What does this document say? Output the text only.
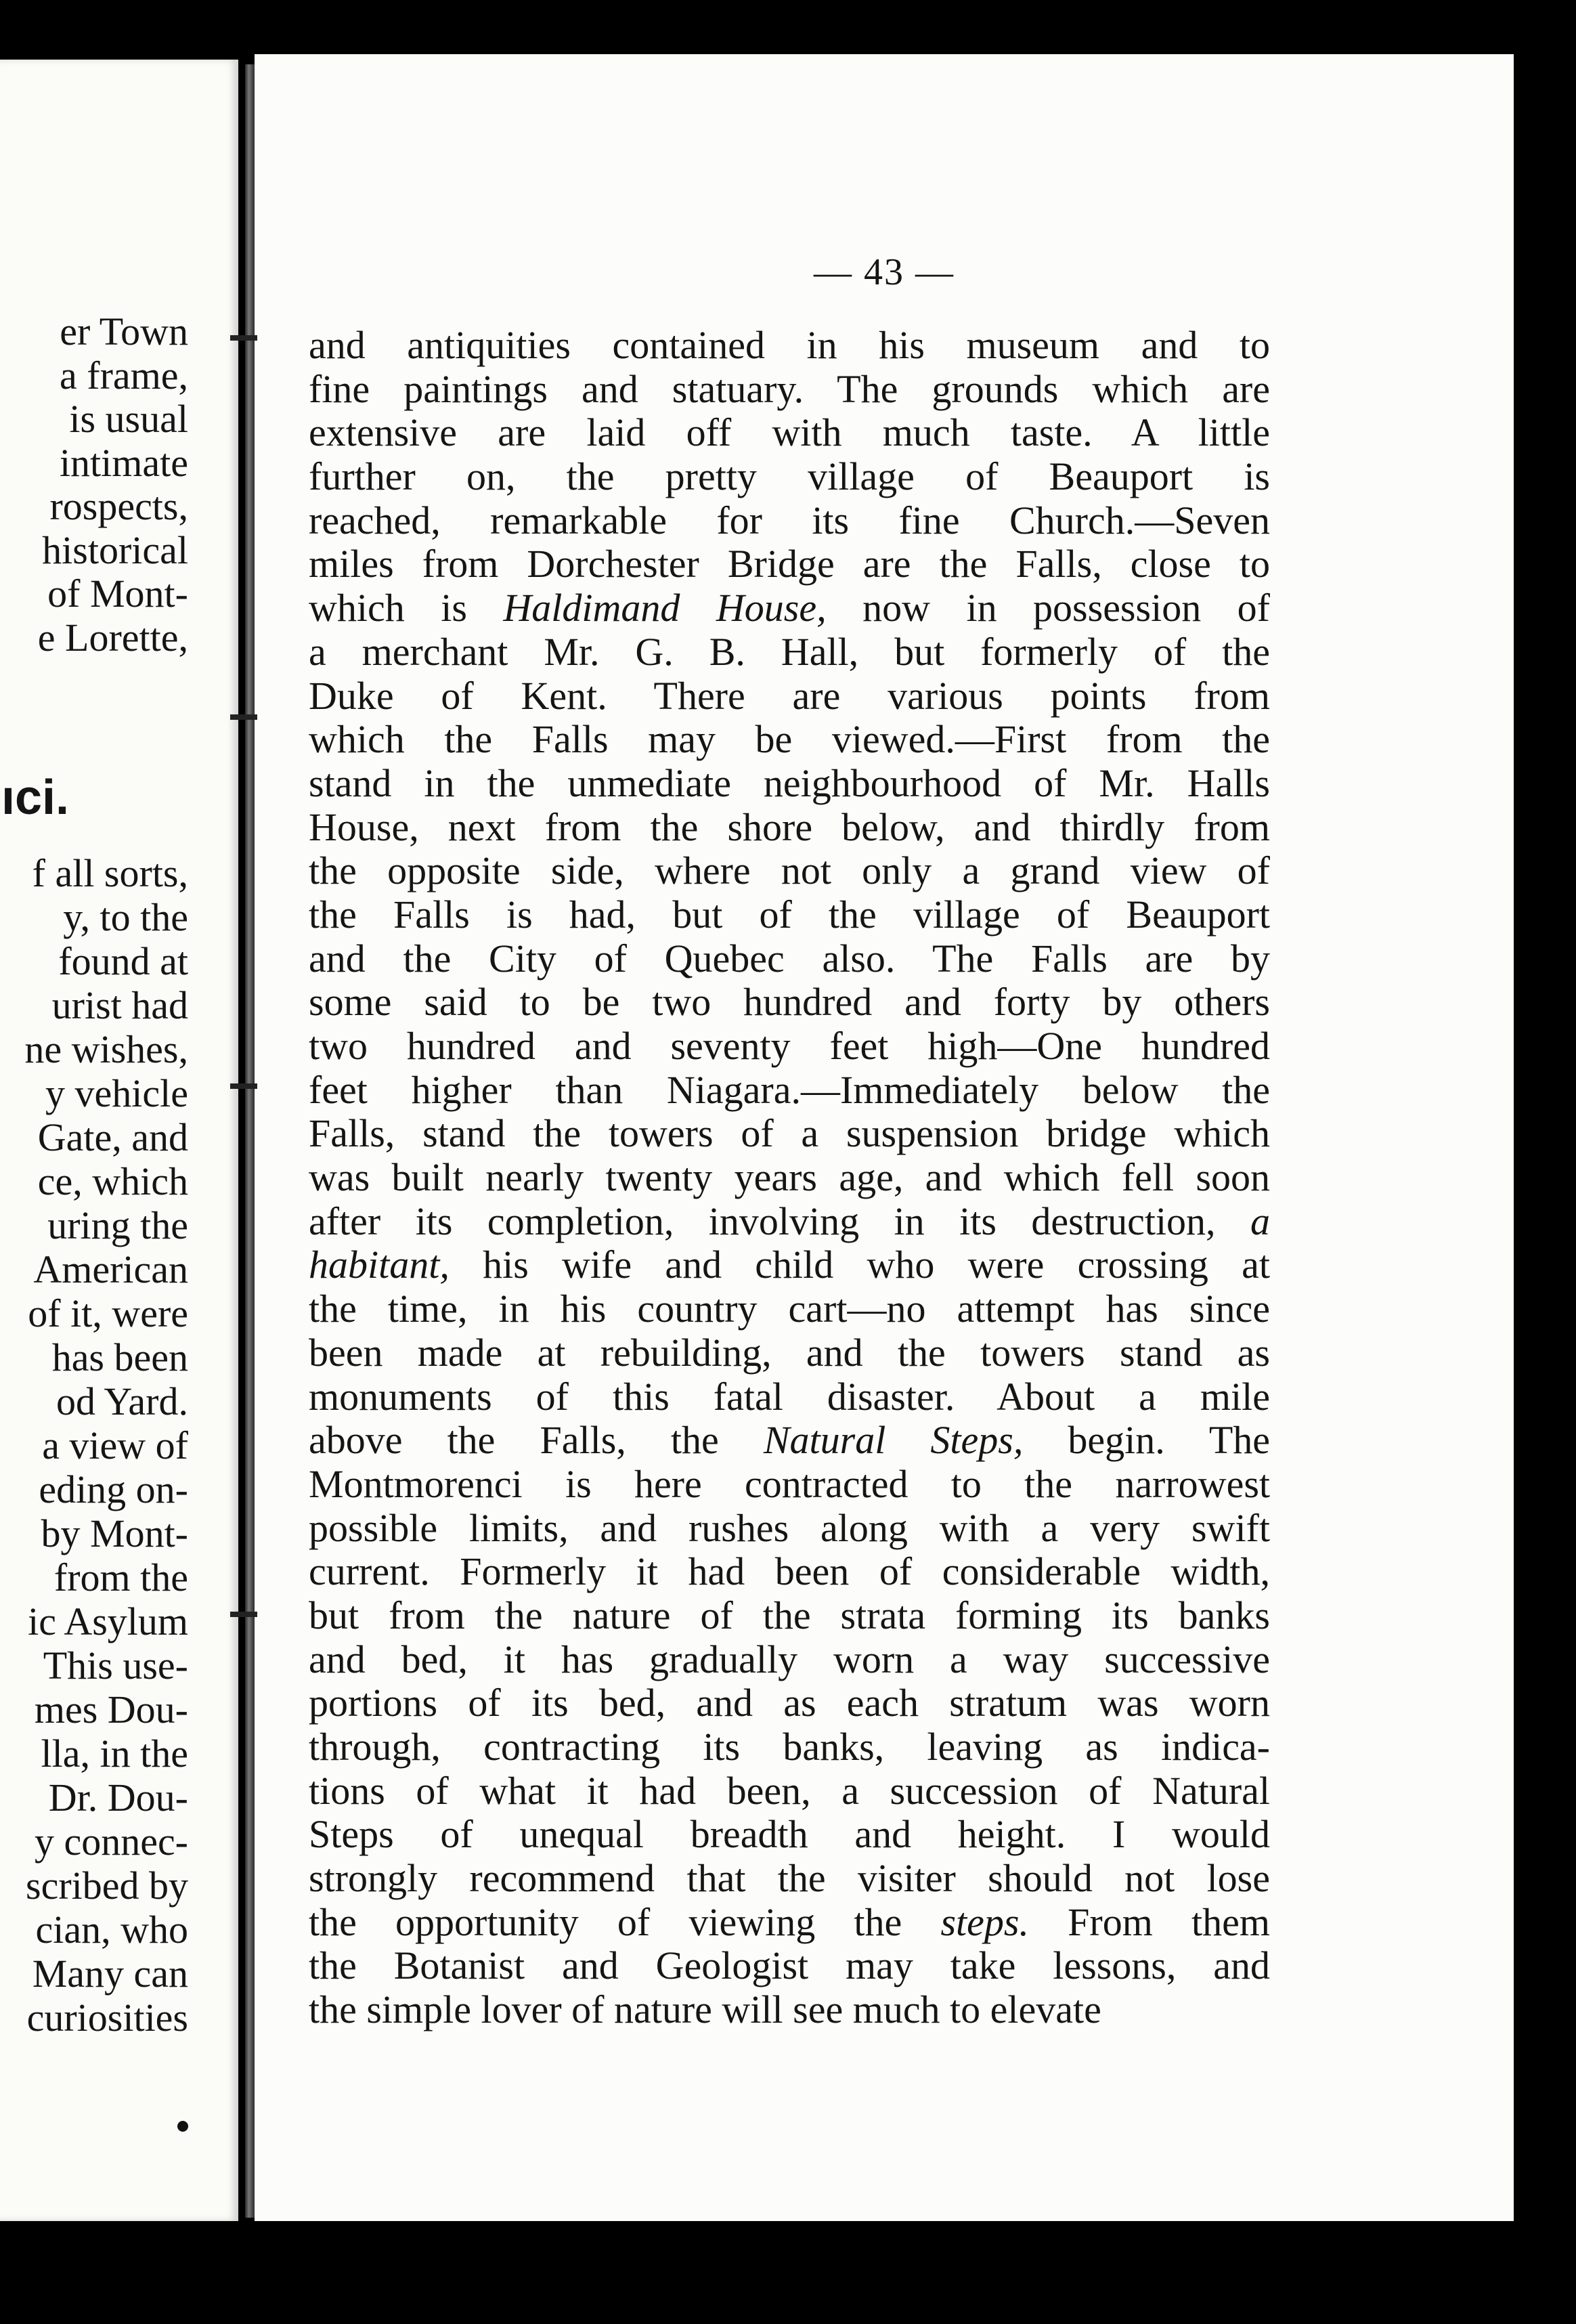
er Town
a frame,
is usual
intimate
rospects,
historical
of Mont-
e Lorette,
f all sorts,
y, to the
found at
urist had
ne wishes,
y vehicle
Gate, and
ce, which
uring the
American
of it, were
has been
od Yard.
a view of
eding on-
by Mont-
from the
ic Asylum
This use-
mes Dou-
lla, in the
Dr. Dou-
y connec-
scribed by
cian, who
Many can
curiosities
ıci.
— 43 —
and antiquities contained in his museum and to
fine paintings and statuary. The grounds which are
extensive are laid off with much taste. A little
further on, the pretty village of Beauport is
reached, remarkable for its fine Church.—Seven
miles from Dorchester Bridge are the Falls, close to
which is Haldimand House, now in possession of
a merchant Mr. G. B. Hall, but formerly of the
Duke of Kent. There are various points from
which the Falls may be viewed.—First from the
stand in the unmediate neighbourhood of Mr. Halls
House, next from the shore below, and thirdly from
the opposite side, where not only a grand view of
the Falls is had, but of the village of Beauport
and the City of Quebec also. The Falls are by
some said to be two hundred and forty by others
two hundred and seventy feet high—One hundred
feet higher than Niagara.—Immediately below the
Falls, stand the towers of a suspension bridge which
was built nearly twenty years age, and which fell soon
after its completion, involving in its destruction, a
habitant, his wife and child who were crossing at
the time, in his country cart—no attempt has since
been made at rebuilding, and the towers stand as
monuments of this fatal disaster. About a mile
above the Falls, the Natural Steps, begin. The
Montmorenci is here contracted to the narrowest
possible limits, and rushes along with a very swift
current. Formerly it had been of considerable width,
but from the nature of the strata forming its banks
and bed, it has gradually worn a way successive
portions of its bed, and as each stratum was worn
through, contracting its banks, leaving as indica-
tions of what it had been, a succession of Natural
Steps of unequal breadth and height. I would
strongly recommend that the visiter should not lose
the opportunity of viewing the steps. From them
the Botanist and Geologist may take lessons, and
the simple lover of nature will see much to elevate
